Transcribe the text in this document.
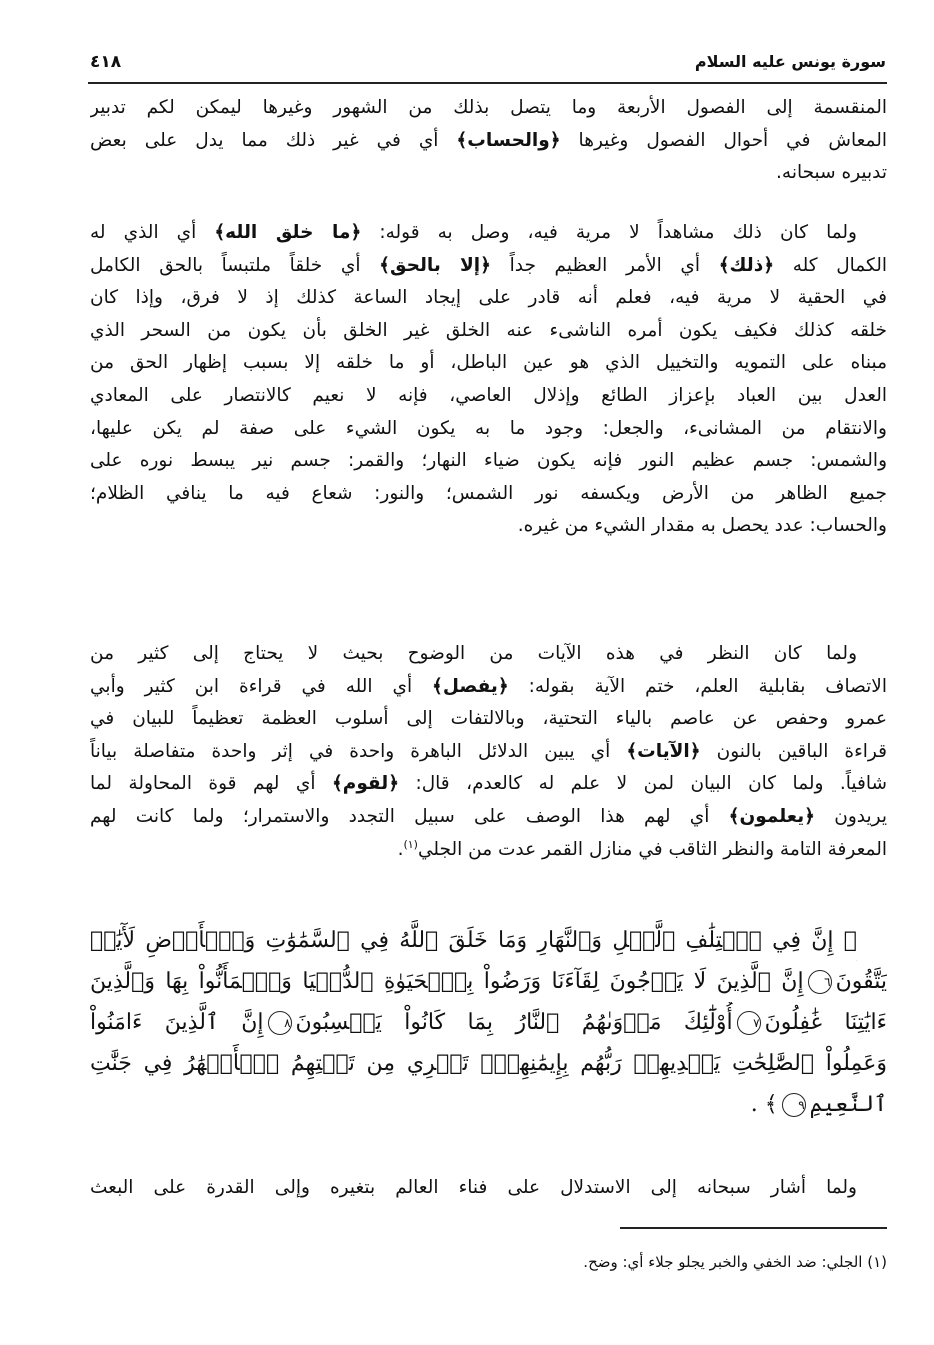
سورة يونس عليه السلام
٤١٨
المنقسمة إلى الفصول الأربعة وما يتصل بذلك من الشهور وغيرها ليمكن لكم تدبير
المعاش في أحوال الفصول وغيرها ﴿والحساب﴾ أي في غير ذلك مما يدل على بعض
تدبيره سبحانه.
ولما كان ذلك مشاهداً لا مرية فيه، وصل به قوله: ﴿ما خلق الله﴾ أي الذي له
الكمال كله ﴿ذلك﴾ أي الأمر العظيم جداً ﴿إلا بالحق﴾ أي خلقاً ملتبساً بالحق الكامل
في الحقية لا مرية فيه، فعلم أنه قادر على إيجاد الساعة كذلك إذ لا فرق، وإذا كان
خلقه كذلك فكيف يكون أمره الناشىء عنه الخلق غير الخلق بأن يكون من السحر الذي
مبناه على التمويه والتخييل الذي هو عين الباطل، أو ما خلقه إلا بسبب إظهار الحق من
العدل بين العباد بإعزاز الطائع وإذلال العاصي، فإنه لا نعيم كالانتصار على المعادي
والانتقام من المشانىء، والجعل: وجود ما به يكون الشيء على صفة لم يكن عليها،
والشمس: جسم عظيم النور فإنه يكون ضياء النهار؛ والقمر: جسم نير يبسط نوره على
جميع الظاهر من الأرض ويكسفه نور الشمس؛ والنور: شعاع فيه ما ينافي الظلام؛
والحساب: عدد يحصل به مقدار الشيء من غيره.
ولما كان النظر في هذه الآيات من الوضوح بحيث لا يحتاج إلى كثير من
الاتصاف بقابلية العلم، ختم الآية بقوله: ﴿يفصل﴾ أي الله في قراءة ابن كثير وأبي
عمرو وحفص عن عاصم بالياء التحتية، وبالالتفات إلى أسلوب العظمة تعظيماً للبيان في
قراءة الباقين بالنون ﴿الآيات﴾ أي يبين الدلائل الباهرة واحدة في إثر واحدة متفاصلة بياناً
شافياً. ولما كان البيان لمن لا علم له كالعدم، قال: ﴿لقوم﴾ أي لهم قوة المحاولة لما
يريدون ﴿يعلمون﴾ أي لهم هذا الوصف على سبيل التجدد والاستمرار؛ ولما كانت لهم
المعرفة التامة والنظر الثاقب في منازل القمر عدت من الجلي$^{(١)}$.
﴿ إِنَّ فِي ٱخۡتِلَٰفِ ٱلَّيۡلِ وَٱلنَّهَارِ وَمَا خَلَقَ ٱللَّهُ فِي ٱلسَّمَٰوَٰتِ وَٱلۡأَرۡضِ لَأٓيَٰتٖ
يَتَّقُونَ٦إِنَّ ٱلَّذِينَ لَا يَرۡجُونَ لِقَآءَنَا وَرَضُواْ بِٱلۡحَيَوٰةِ ٱلدُّنۡيَا وَٱطۡمَأَنُّواْ بِهَا وَٱلَّذِينَ
ءَايَٰتِنَا غَٰفِلُونَ٧أُوْلَٰٓئِكَ مَأۡوَىٰهُمُ ٱلنَّارُ بِمَا كَانُواْ يَكۡسِبُونَ٨إِنَّ ٱلَّذِينَ ءَامَنُواْ
وَعَمِلُواْ ٱلصَّٰلِحَٰتِ يَهۡدِيهِمۡ رَبُّهُم بِإِيمَٰنِهِمۡۖ تَجۡرِي مِن تَحۡتِهِمُ ٱلۡأَنۡهَٰرُ فِي جَنَّٰتِ
ٱلنَّعِيمِ٩﴾ .
ولما أشار سبحانه إلى الاستدلال على فناء العالم بتغيره وإلى القدرة على البعث
(١) الجلي: ضد الخفي والخبر يجلو جلاء أي: وضح.
